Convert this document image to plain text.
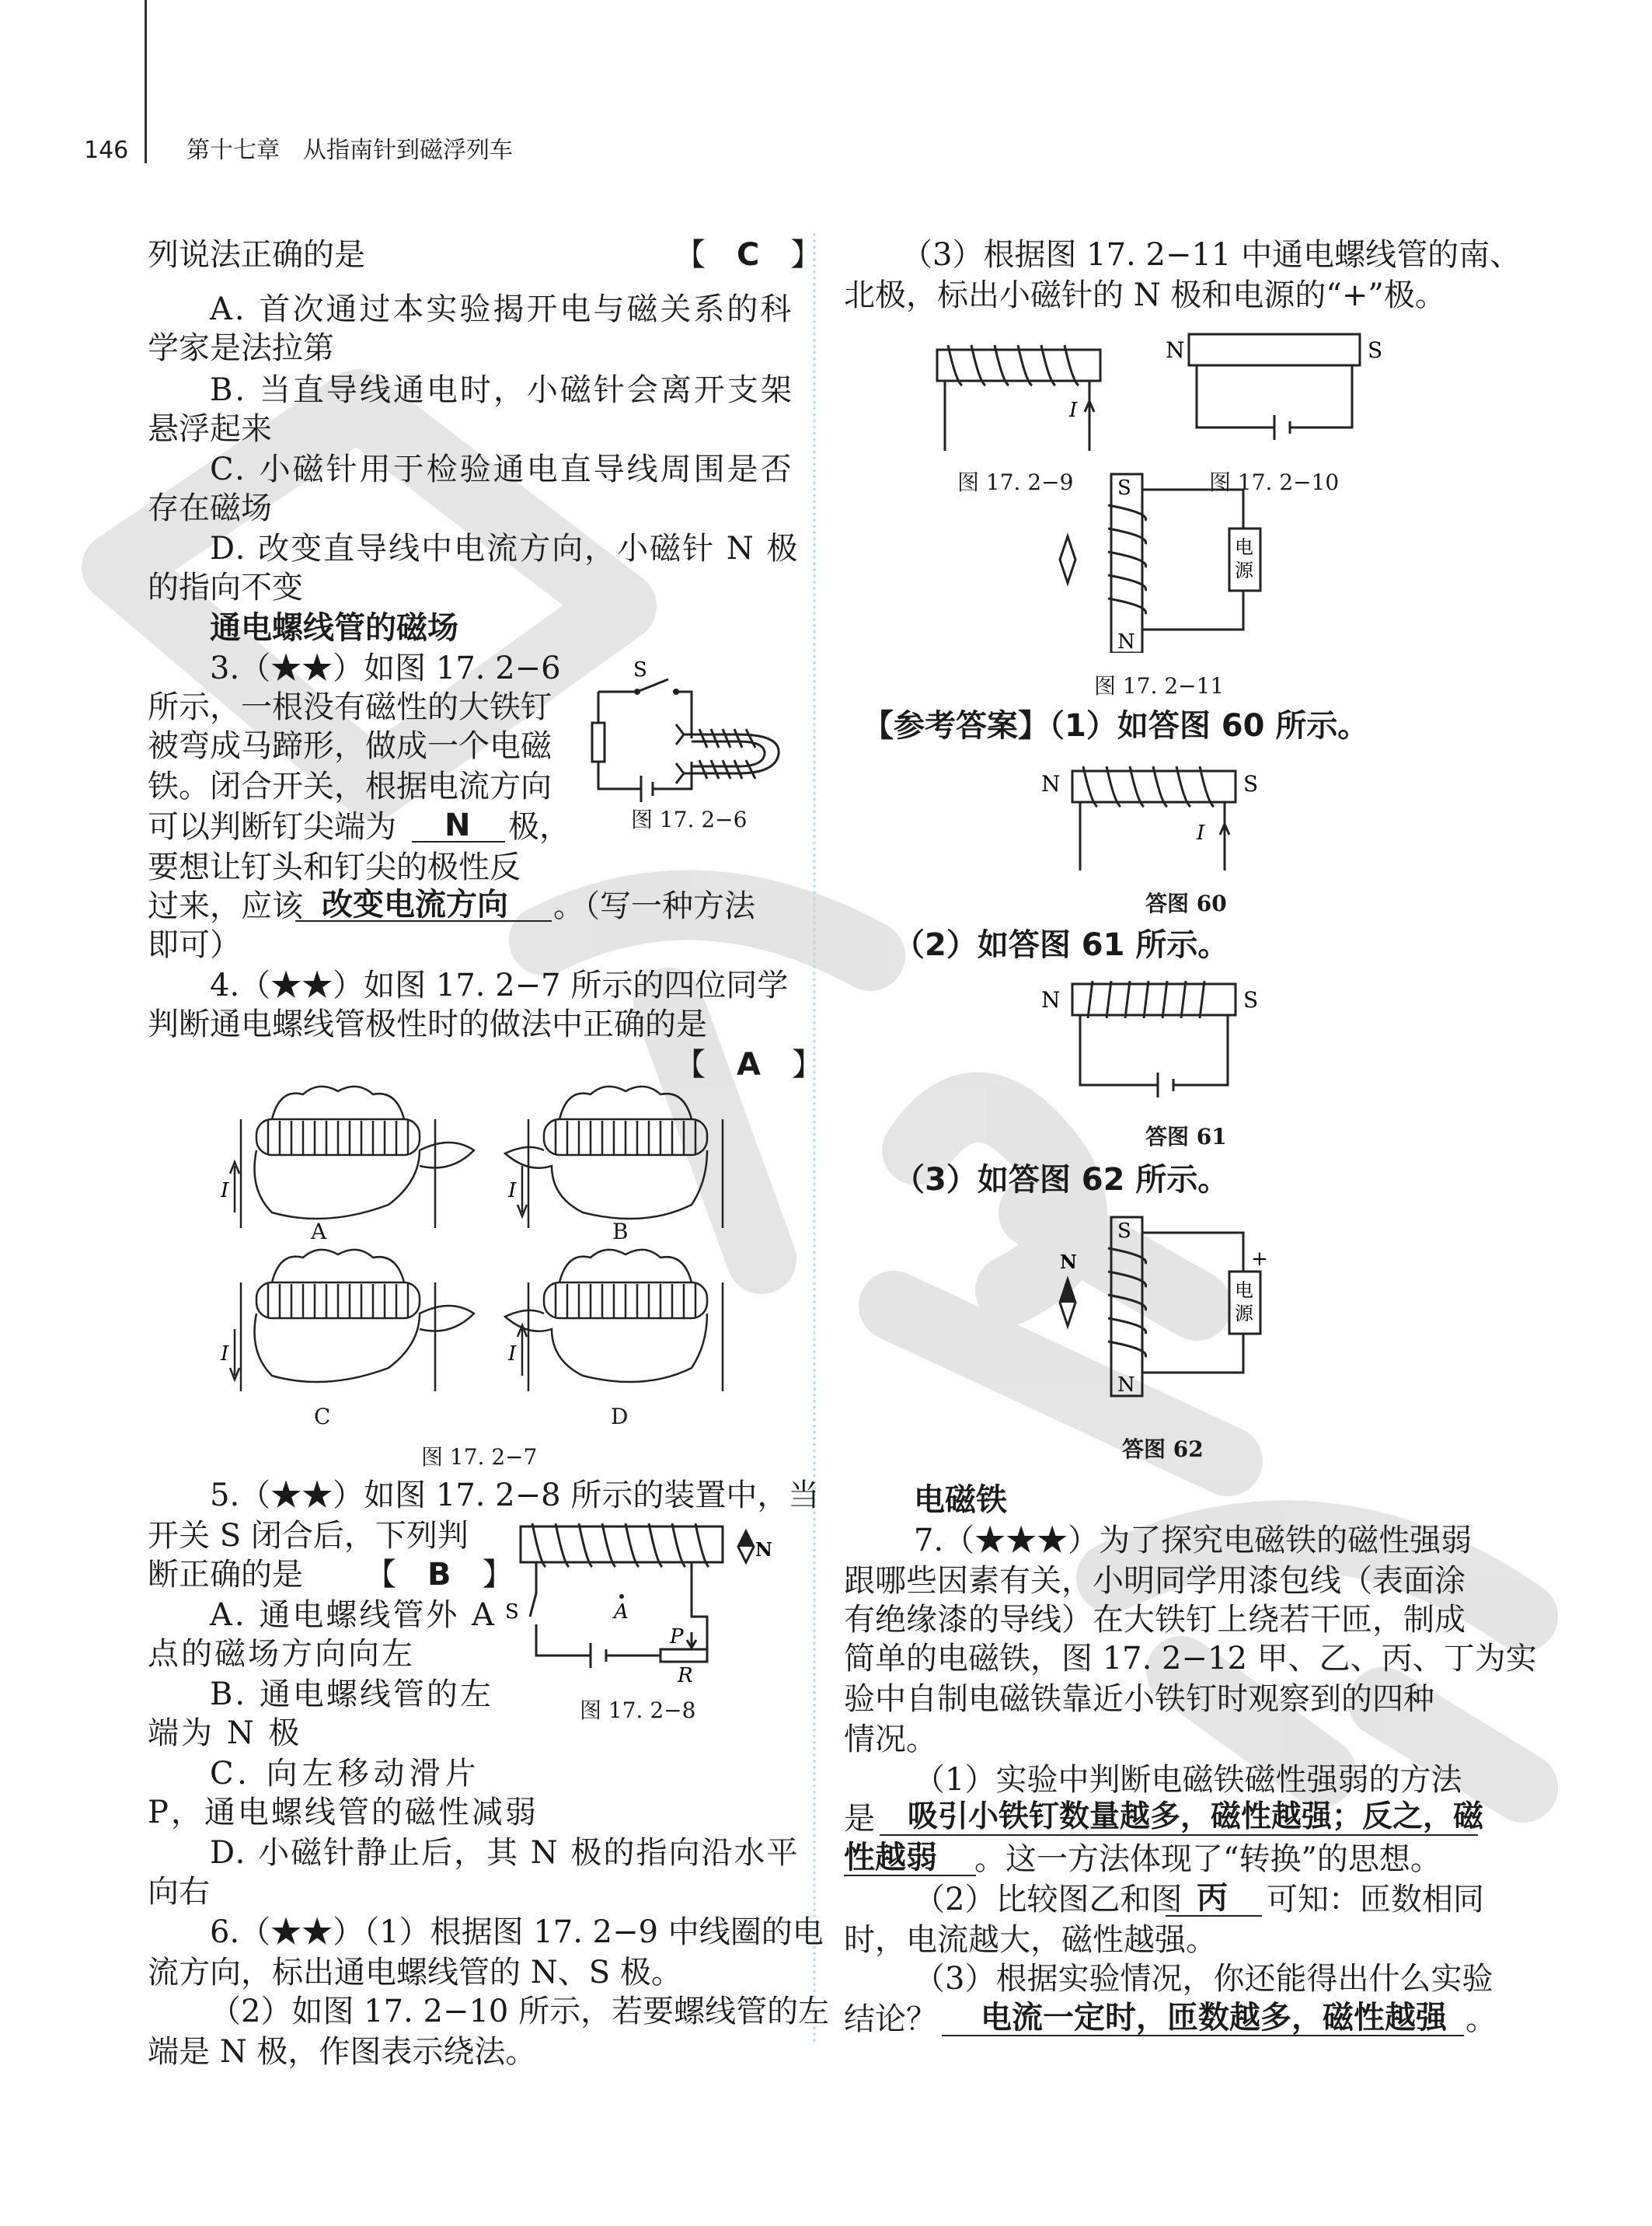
146 第十七章　从指南针到磁浮列车
列说法正确的是	【　C　】
A. 首次通过本实验揭开电与磁关系的科
学家是法拉第
B. 当直导线通电时，小磁针会离开支架
悬浮起来
C. 小磁针用于检验通电直导线周围是否
存在磁场
D. 改变直导线中电流方向，小磁针 N 极
的指向不变
通电螺线管的磁场
3.（★★）如图 17. 2−6
所示，一根没有磁性的大铁钉
被弯成马蹄形，做成一个电磁
铁。闭合开关，根据电流方向
可以判断钉尖端为 N 极，
要想让钉头和钉尖的极性反
过来，应该 改变电流方向 。（写一种方法
即可）
S
图 17. 2−6
4.（★★）如图 17. 2−7 所示的四位同学
判断通电螺线管极性时的做法中正确的是
【　A　】
I	I
I	I
A	B
C	D
图 17. 2−7
5.（★★）如图 17. 2−8 所示的装置中，当
开关 S 闭合后，下列判
断正确的是 【　B　】
A. 通电螺线管外 A
点的磁场方向向左
B. 通电螺线管的左
端为 N 极
C. 向左移动滑片
P，通电螺线管的磁性减弱
D. 小磁针静止后，其 N 极的指向沿水平
向右
A
S
P
R
N
图 17. 2−8
6.（★★）（1）根据图 17. 2−9 中线圈的电
流方向，标出通电螺线管的 N、S 极。
（2）如图 17. 2−10 所示，若要螺线管的左
端是 N 极，作图表示绕法。
（3）根据图 17. 2−11 中通电螺线管的南、
北极，标出小磁针的 N 极和电源的“+”极。
I
图 17. 2−9
N	S
图 17. 2−10
S
N
电
源
图 17. 2−11
【参考答案】（1）如答图 60 所示。
N	S
I
答图 60
（2）如答图 61 所示。
N	S
答图 61
（3）如答图 62 所示。
N
S
N
+
电
源
答图 62
电磁铁
7.（★★★）为了探究电磁铁的磁性强弱
跟哪些因素有关，小明同学用漆包线（表面涂
有绝缘漆的导线）在大铁钉上绕若干匝，制成
简单的电磁铁，图 17. 2−12 甲、乙、丙、丁为实
验中自制电磁铁靠近小铁钉时观察到的四种
情况。
（1）实验中判断电磁铁磁性强弱的方法
是 吸引小铁钉数量越多，磁性越强；反之，磁
性越弱 。这一方法体现了“转换”的思想。
（2）比较图乙和图 丙 可知：匝数相同
时，电流越大，磁性越强。
（3）根据实验情况，你还能得出什么实验
结论？ 电流一定时，匝数越多，磁性越强 。
